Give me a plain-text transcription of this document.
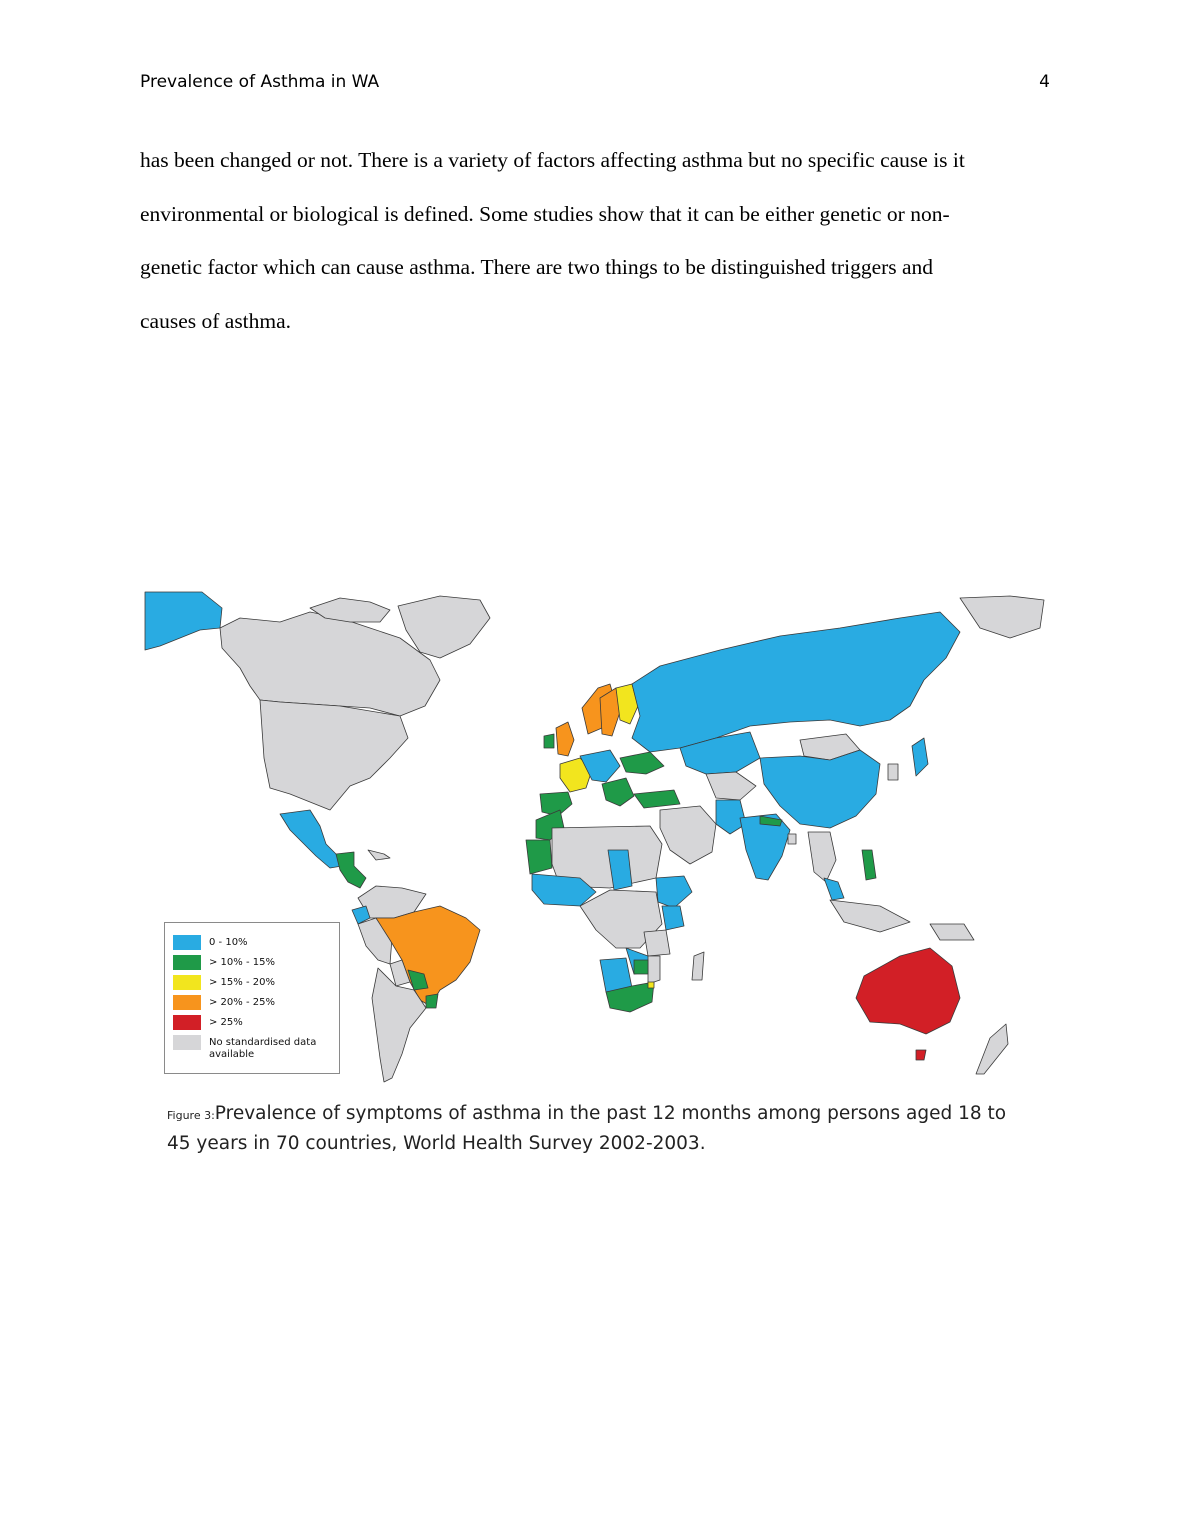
Prevalence of Asthma in WA	4

has been changed or not. There is a variety of factors affecting asthma but no specific cause is it

environmental or biological is defined. Some studies show that it can be either genetic or non-

genetic factor which can cause asthma. There are two things to be distinguished triggers and

causes of asthma.

0 - 10%
> 10% - 15%
> 15% - 20%
> 20% - 25%
> 25%
No standardised data available
Figure 3:Prevalence of symptoms of asthma in the past 12 months among persons aged 18 to 45 years in 70 countries, World Health Survey 2002-2003.
